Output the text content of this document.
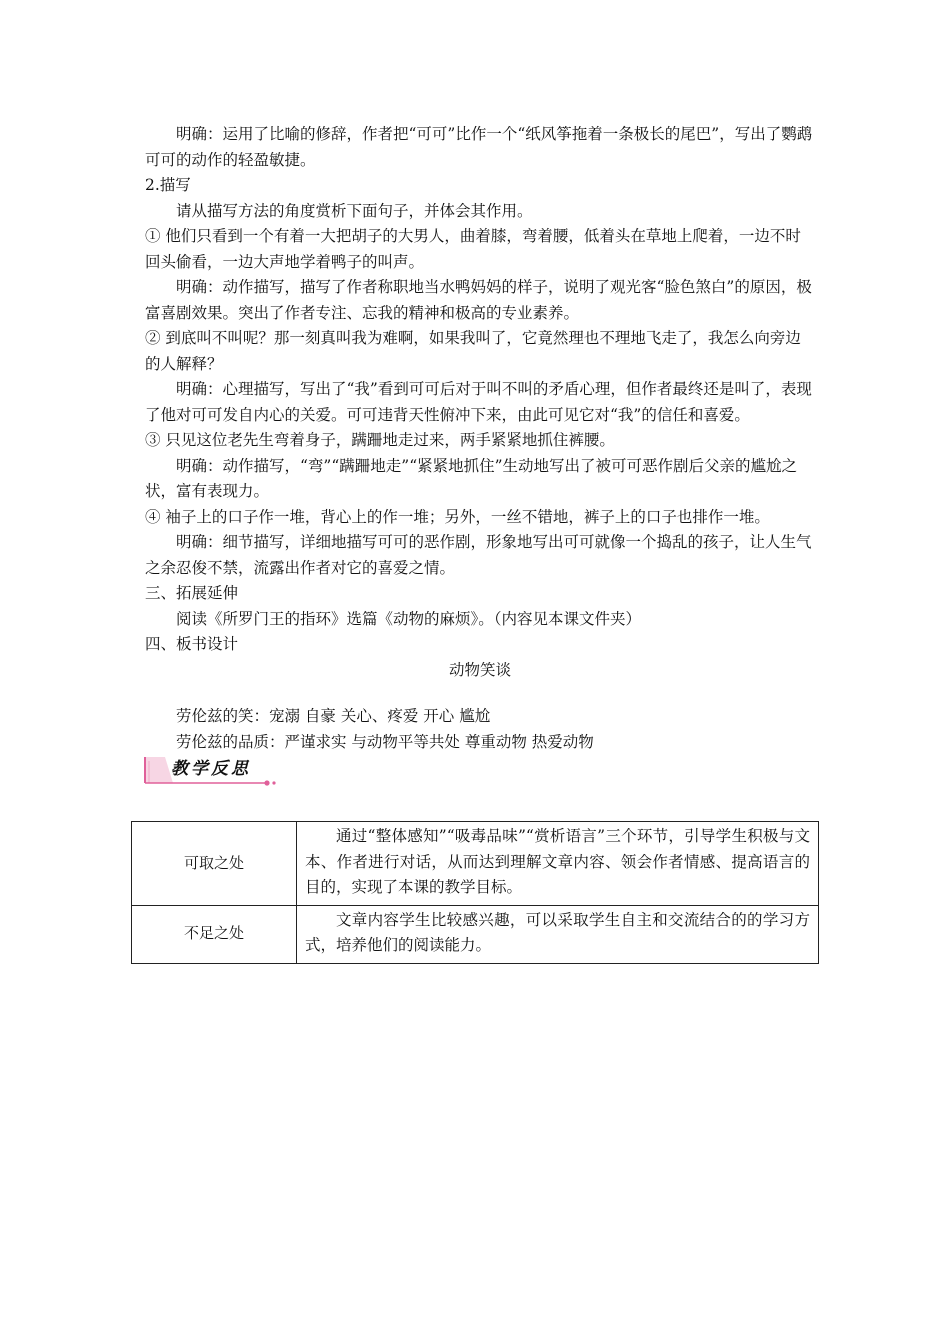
明确：运用了比喻的修辞，作者把“可可”比作一个“纸风筝拖着一条极长的尾巴”，写出了鹦鹉可可的动作的轻盈敏捷。

2.描写

请从描写方法的角度赏析下面句子，并体会其作用。

① 他们只看到一个有着一大把胡子的大男人，曲着膝，弯着腰，低着头在草地上爬着，一边不时回头偷看，一边大声地学着鸭子的叫声。

明确：动作描写，描写了作者称职地当水鸭妈妈的样子，说明了观光客“脸色煞白”的原因，极富喜剧效果。突出了作者专注、忘我的精神和极高的专业素养。

② 到底叫不叫呢？那一刻真叫我为难啊，如果我叫了，它竟然理也不理地飞走了，我怎么向旁边的人解释？

明确：心理描写，写出了“我”看到可可后对于叫不叫的矛盾心理，但作者最终还是叫了，表现了他对可可发自内心的关爱。可可违背天性俯冲下来，由此可见它对“我”的信任和喜爱。

③ 只见这位老先生弯着身子，蹒跚地走过来，两手紧紧地抓住裤腰。

明确：动作描写，“弯”“蹒跚地走”“紧紧地抓住”生动地写出了被可可恶作剧后父亲的尴尬之状，富有表现力。

④ 袖子上的口子作一堆，背心上的作一堆；另外，一丝不错地，裤子上的口子也排作一堆。

明确：细节描写，详细地描写可可的恶作剧，形象地写出可可就像一个捣乱的孩子，让人生气之余忍俊不禁，流露出作者对它的喜爱之情。

三、拓展延伸

阅读《所罗门王的指环》选篇《动物的麻烦》。（内容见本课文件夹）

四、板书设计

动物笑谈

劳伦兹的笑：宠溺 自豪 关心、疼爱 开心 尴尬

劳伦兹的品质：严谨求实 与动物平等共处 尊重动物 热爱动物

教学反思
可取之处	通过“整体感知”“吸毒品味”“赏析语言”三个环节，引导学生积极与文本、作者进行对话，从而达到理解文章内容、领会作者情感、提高语言的目的，实现了本课的教学目标。
不足之处	文章内容学生比较感兴趣，可以采取学生自主和交流结合的的学习方式，培养他们的阅读能力。
